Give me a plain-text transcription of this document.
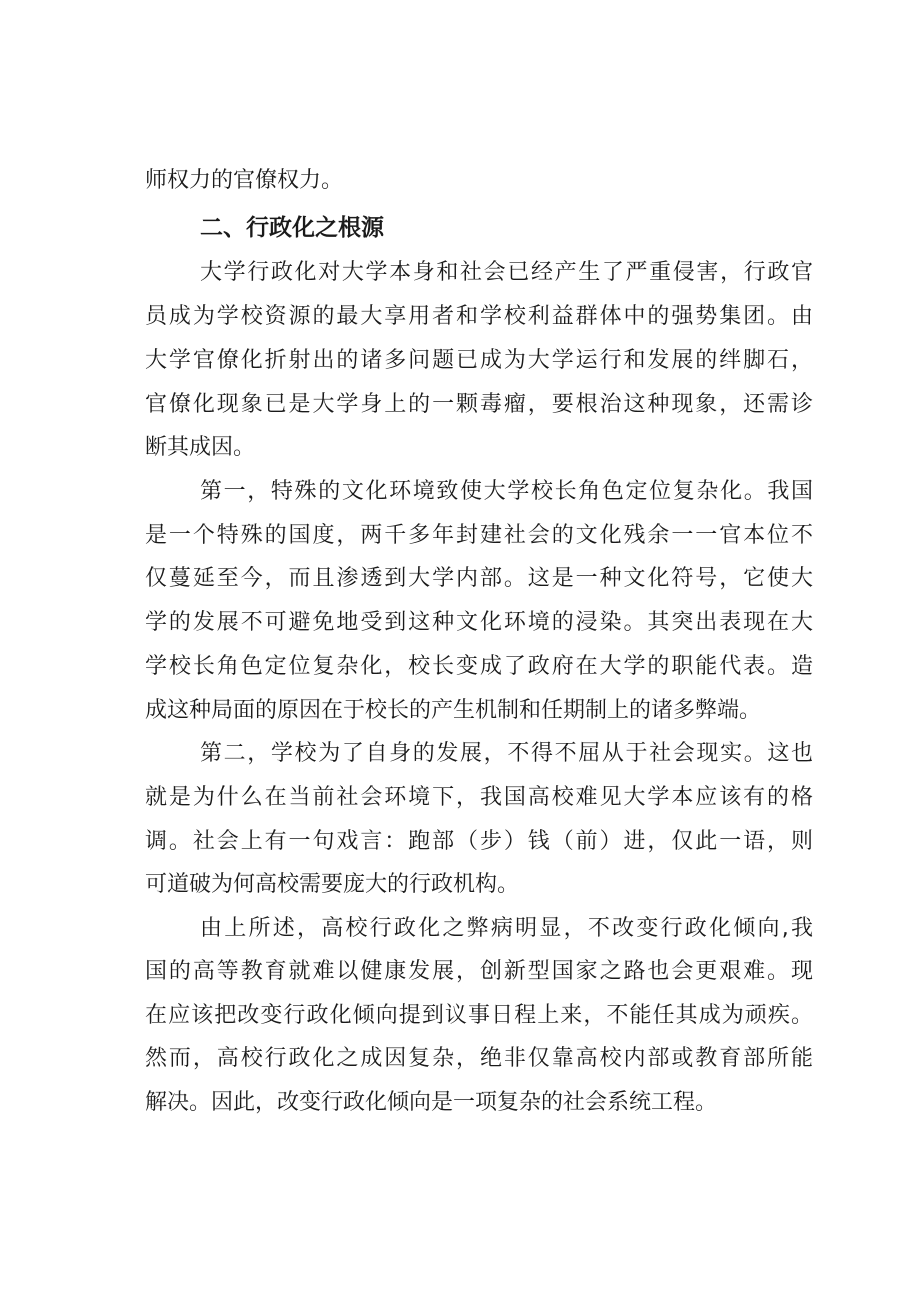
师权力的官僚权力。
二、行政化之根源
大学行政化对大学本身和社会已经产生了严重侵害，行政官
员成为学校资源的最大享用者和学校利益群体中的强势集团。由
大学官僚化折射出的诸多问题已成为大学运行和发展的绊脚石，
官僚化现象已是大学身上的一颗毒瘤，要根治这种现象，还需诊
断其成因。
第一，特殊的文化环境致使大学校长角色定位复杂化。我国
是一个特殊的国度，两千多年封建社会的文化残余一一官本位不
仅蔓延至今，而且渗透到大学内部。这是一种文化符号，它使大
学的发展不可避免地受到这种文化环境的浸染。其突出表现在大
学校长角色定位复杂化，校长变成了政府在大学的职能代表。造
成这种局面的原因在于校长的产生机制和任期制上的诸多弊端。
第二，学校为了自身的发展，不得不屈从于社会现实。这也
就是为什么在当前社会环境下，我国高校难见大学本应该有的格
调。社会上有一句戏言：跑部（步）钱（前）进，仅此一语，则
可道破为何高校需要庞大的行政机构。
由上所述，高校行政化之弊病明显，不改变行政化倾向,我
国的高等教育就难以健康发展，创新型国家之路也会更艰难。现
在应该把改变行政化倾向提到议事日程上来，不能任其成为顽疾。
然而，高校行政化之成因复杂，绝非仅靠高校内部或教育部所能
解决。因此，改变行政化倾向是一项复杂的社会系统工程。
